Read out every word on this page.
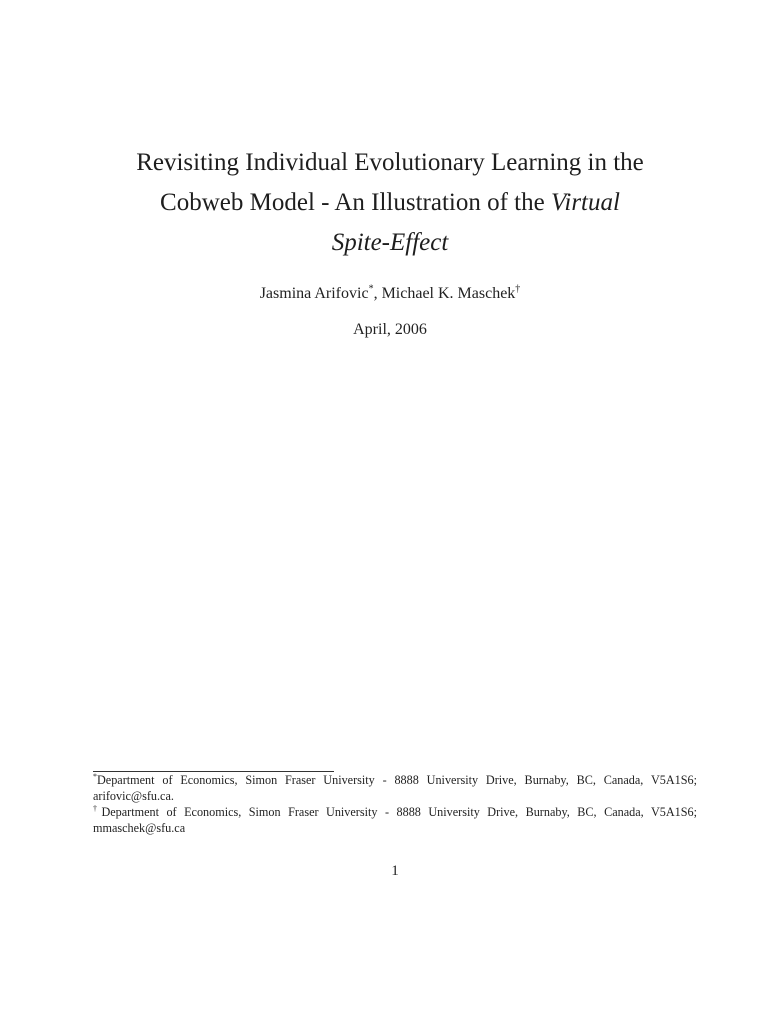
Revisiting Individual Evolutionary Learning in the
Cobweb Model - An Illustration of the Virtual
Spite-Effect
Jasmina Arifovic*, Michael K. Maschek†
April, 2006

*Department of Economics, Simon Fraser University - 8888 University Drive, Burnaby, BC, Canada, V5A1S6; arifovic@sfu.ca.

†Department of Economics, Simon Fraser University - 8888 University Drive, Burnaby, BC, Canada, V5A1S6; mmaschek@sfu.ca

1
